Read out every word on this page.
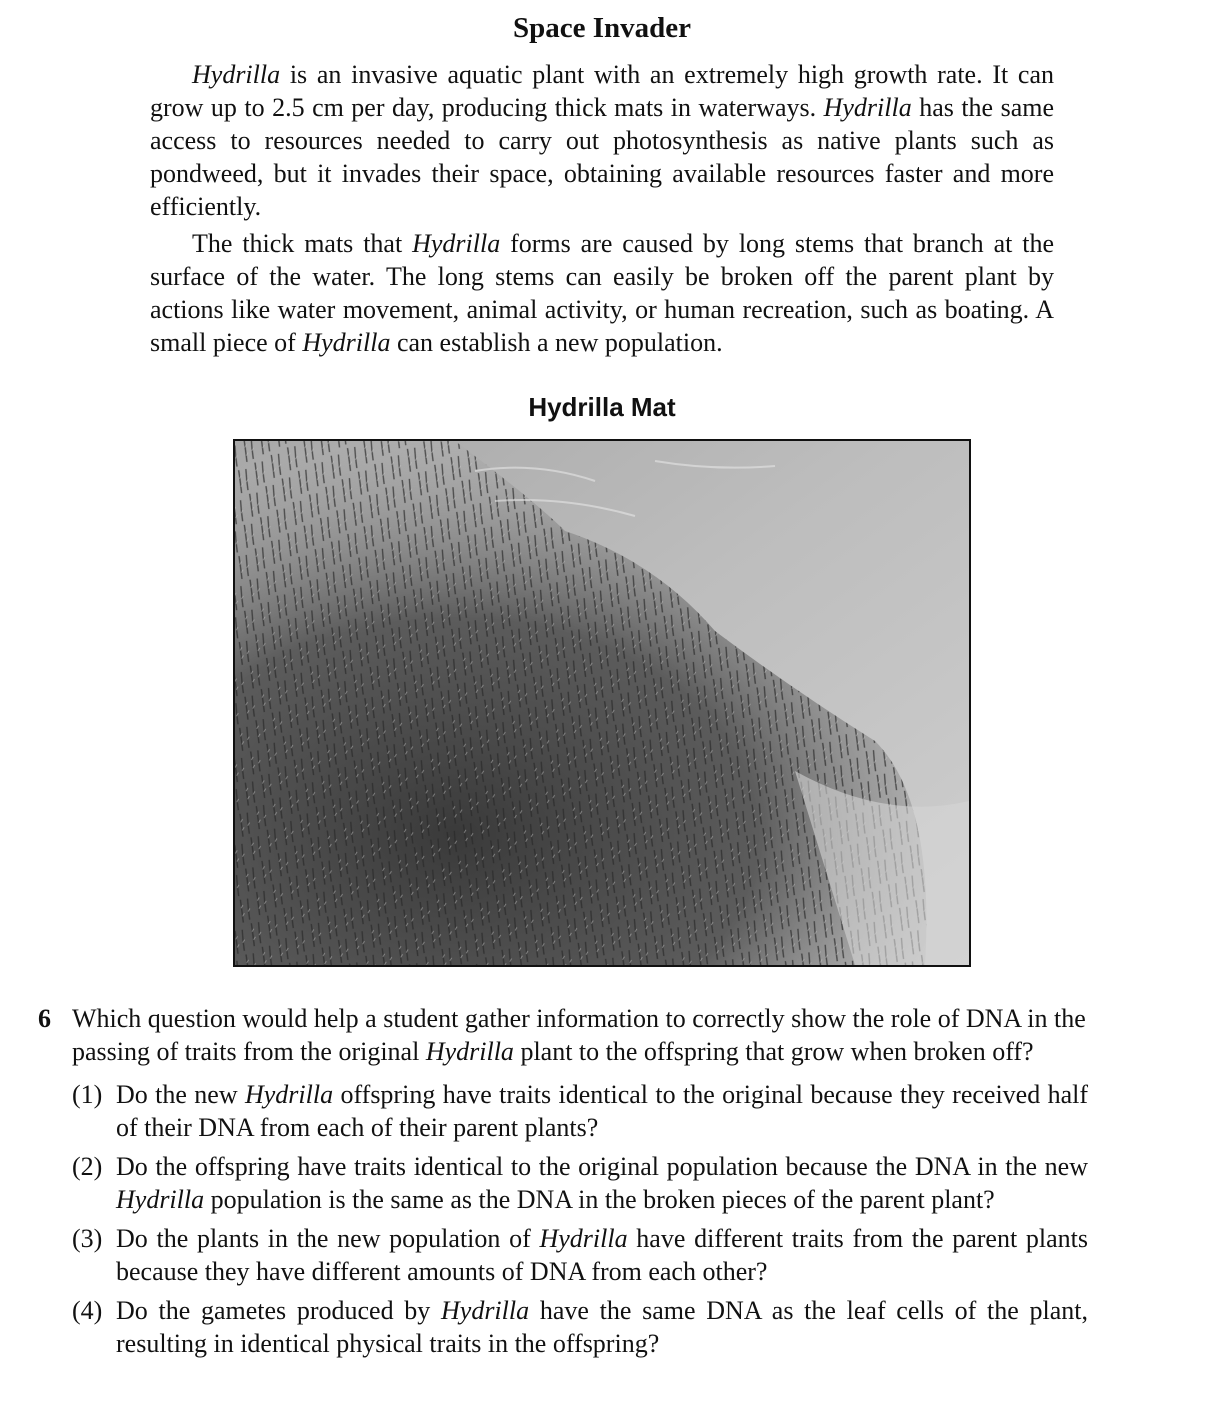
Space Invader

Hydrilla is an invasive aquatic plant with an extremely high growth rate. It can grow up to 2.5 cm per day, producing thick mats in waterways. Hydrilla has the same access to resources needed to carry out photosynthesis as native plants such as pondweed, but it invades their space, obtaining available resources faster and more efficiently.

The thick mats that Hydrilla forms are caused by long stems that branch at the surface of the water. The long stems can easily be broken off the parent plant by actions like water movement, animal activity, or human recreation, such as boating. A small piece of Hydrilla can establish a new population.

Hydrilla Mat
6 Which question would help a student gather information to correctly show the role of DNA in the passing of traits from the original Hydrilla plant to the offspring that grow when broken off?
(1) Do the new Hydrilla offspring have traits identical to the original because they received half of their DNA from each of their parent plants?
(2) Do the offspring have traits identical to the original population because the DNA in the new Hydrilla population is the same as the DNA in the broken pieces of the parent plant?
(3) Do the plants in the new population of Hydrilla have different traits from the parent plants because they have different amounts of DNA from each other?
(4) Do the gametes produced by Hydrilla have the same DNA as the leaf cells of the plant, resulting in identical physical traits in the offspring?
